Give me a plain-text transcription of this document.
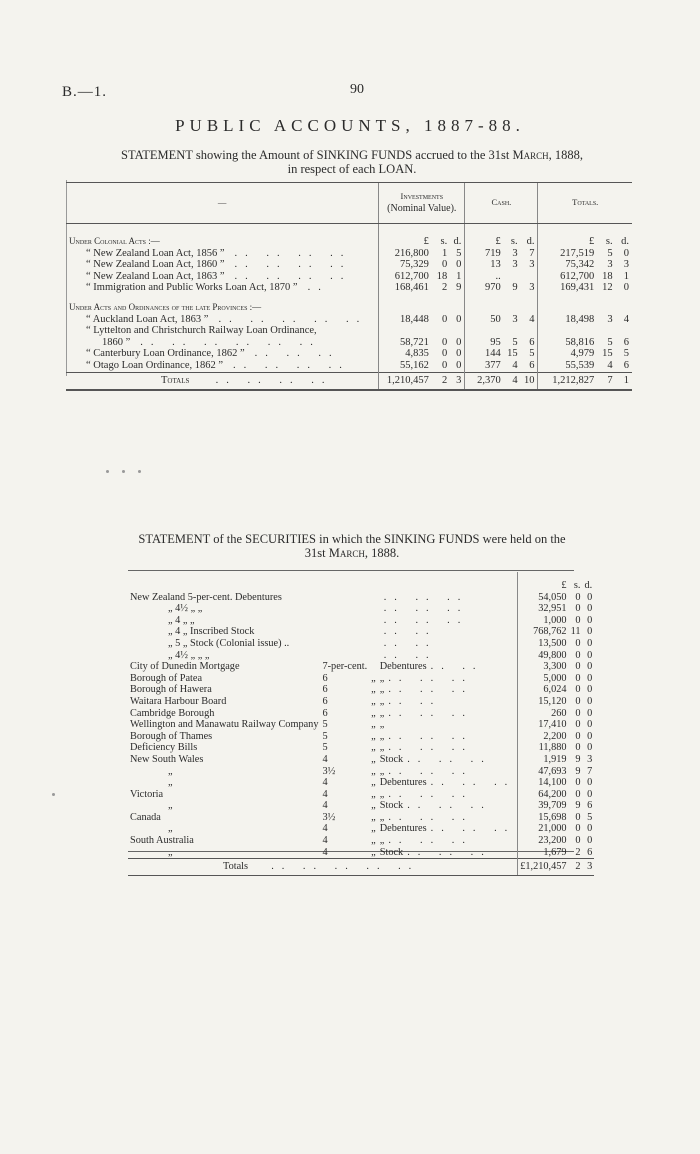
B.—1.	90
PUBLIC ACCOUNTS, 1887-88.
STATEMENT showing the Amount of SINKING FUNDS accrued to the 31st March, 1888,
in respect of each LOAN.
—	Investments
(Nominal Value).			Cash.			Totals.		
Under Colonial Acts :—	£	s.	d.	£	s.	d.	£	s.	d.
“ New Zealand Loan Act, 1856 ” .. .. .. ..	216,800	1	5	719	3	7	217,519	5	0
“ New Zealand Loan Act, 1860 ” .. .. .. ..	75,329	0	0	13	3	3	75,342	3	3
“ New Zealand Loan Act, 1863 ” .. .. .. ..	612,700	18	1	..			612,700	18	1
“ Immigration and Public Works Loan Act, 1870 ” ..	168,461	2	9	970	9	3	169,431	12	0
Under Acts and Ordinances of the late Provinces :—									
“ Auckland Loan Act, 1863 ” .. .. .. .. ..	18,448	0	0	50	3	4	18,498	3	4
“ Lyttelton and Christchurch Railway Loan Ordinance,									
1860 ” .. .. .. .. .. ..	58,721	0	0	95	5	6	58,816	5	6
“ Canterbury Loan Ordinance, 1862 ” .. .. ..	4,835	0	0	144	15	5	4,979	15	5
“ Otago Loan Ordinance, 1862 ” .. .. .. ..	55,162	0	0	377	4	6	55,539	4	6
Totals .. .. .. ..	1,210,457	2	3	2,370	4	10	1,212,827	7	1
STATEMENT of the SECURITIES in which the SINKING FUNDS were held on the
31st March, 1888.
				£	s.	d.
New Zealand 5-per-cent. Debentures			.. .. ..	54,050	0	0
„ 4½ „ „			.. .. ..	32,951	0	0
„ 4 „ „			.. .. ..	1,000	0	0
„ 4 „ Inscribed Stock			.. ..	768,762	11	0
„ 5 „ Stock (Colonial issue) ..			.. ..	13,500	0	0
„ 4½ „ „ „			.. ..	49,800	0	0
City of Dunedin Mortgage	7-per-cent.		Debentures .. ..	3,300	0	0
Borough of Patea	6	„	„ .. .. ..	5,000	0	0
Borough of Hawera	6	„	„ .. .. ..	6,024	0	0
Waitara Harbour Board	6	„	„ .. ..	15,120	0	0
Cambridge Borough	6	„	„ .. .. ..	260	0	0
Wellington and Manawatu Railway Company	5	„	„	17,410	0	0
Borough of Thames	5	„	„ .. .. ..	2,200	0	0
Deficiency Bills	5	„	„ .. .. ..	11,880	0	0
New South Wales	4	„	Stock .. .. ..	1,919	9	3
„	3½	„	„ .. .. ..	47,693	9	7
„	4	„	Debentures .. .. ..	14,100	0	0
Victoria	4	„	„ .. .. ..	64,200	0	0
„	4	„	Stock .. .. ..	39,709	9	6
Canada	3½	„	„ .. .. ..	15,698	0	5
„	4	„	Debentures .. .. ..	21,000	0	0
South Australia	4	„	„ .. .. ..	23,200	0	0
„	4	„	Stock .. .. ..	1,679	2	6
Totals .. .. .. .. ..				£1,210,457	2	3
